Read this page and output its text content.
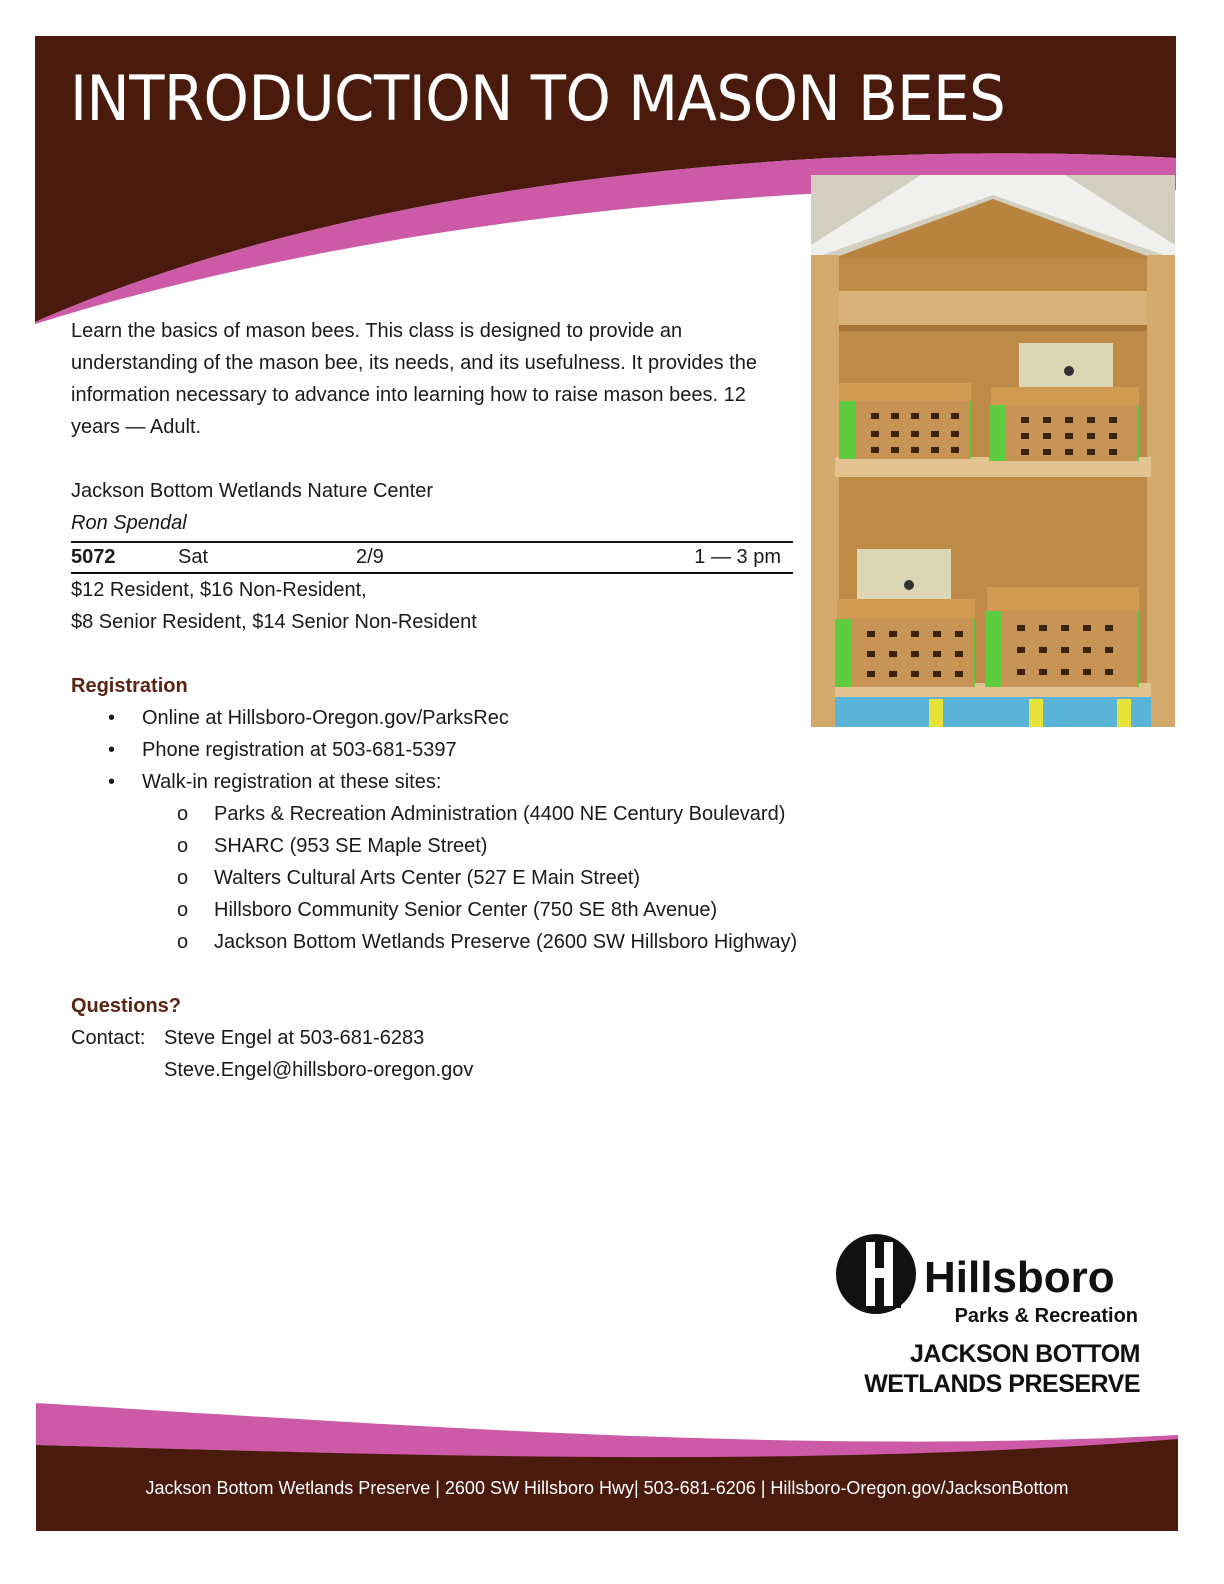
INTRODUCTION TO MASON BEES

Learn the basics of mason bees. This class is designed to provide an understanding of the mason bee, its needs, and its usefulness. It provides the information necessary to advance into learning how to raise mason bees. 12 years — Adult.

Jackson Bottom Wetlands Nature Center

Ron Spendal

5072	Sat	2/9	1 — 3 pm

$12 Resident, $16 Non-Resident,

$8 Senior Resident, $14 Senior Non-Resident

Registration

• Online at Hillsboro-Oregon.gov/ParksRec
• Phone registration at 503-681-5397
• Walk-in registration at these sites:
o Parks & Recreation Administration (4400 NE Century Boulevard)
o SHARC (953 SE Maple Street)
o Walters Cultural Arts Center (527 E Main Street)
o Hillsboro Community Senior Center (750 SE 8th Avenue)
o Jackson Bottom Wetlands Preserve (2600 SW Hillsboro Highway)

Questions?

Contact: Steve Engel at 503-681-6283
Steve.Engel@hillsboro-oregon.gov
Hillsboro
Parks & Recreation
JACKSON BOTTOM
WETLANDS PRESERVE
Jackson Bottom Wetlands Preserve | 2600 SW Hillsboro Hwy| 503-681-6206 | Hillsboro-Oregon.gov/JacksonBottom
